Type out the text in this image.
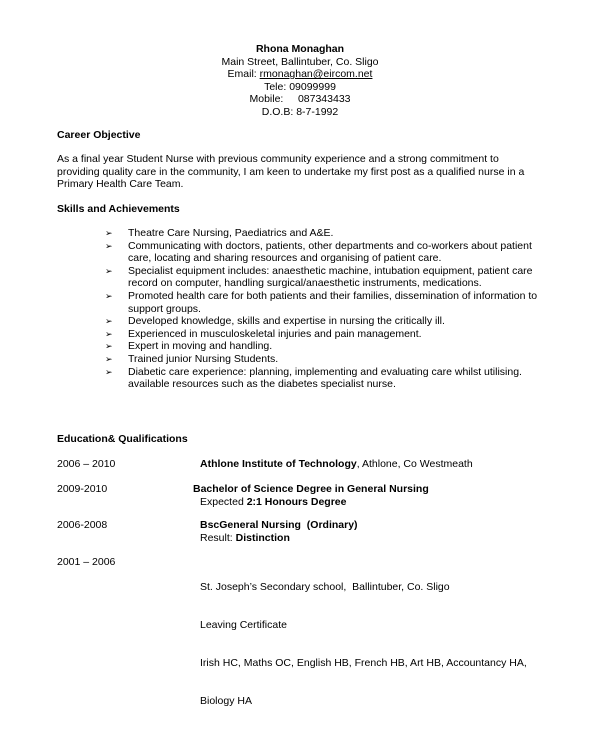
Rhona Monaghan
Main Street, Ballintuber, Co. Sligo
Email: rmonaghan@eircom.net
Tele: 09099999
Mobile:     087343433
D.O.B: 8-7-1992
Career Objective
As a final year Student Nurse with previous community experience and a strong commitment to
providing quality care in the community, I am keen to undertake my first post as a qualified nurse in a
Primary Health Care Team.
Skills and Achievements
➢	Theatre Care Nursing, Paediatrics and A&E.
➢	Communicating with doctors, patients, other departments and co-workers about patient
care, locating and sharing resources and organising of patient care.
➢	Specialist equipment includes: anaesthetic machine, intubation equipment, patient care
record on computer, handling surgical/anaesthetic instruments, medications.
➢	Promoted health care for both patients and their families, dissemination of information to
support groups.
➢	Developed knowledge, skills and expertise in nursing the critically ill.
➢	Experienced in musculoskeletal injuries and pain management.
➢	Expert in moving and handling.
➢	Trained junior Nursing Students.
➢	Diabetic care experience: planning, implementing and evaluating care whilst utilising.
available resources such as the diabetes specialist nurse.
Education& Qualifications
2006 – 2010	Athlone Institute of Technology, Athlone, Co Westmeath
2009-2010	Bachelor of Science Degree in General Nursing
Expected 2:1 Honours Degree
2006-2008	BscGeneral Nursing  (Ordinary)
Result: Distinction
2001 – 2006

St. Joseph’s Secondary school,  Ballintuber, Co. Sligo

Leaving Certificate

Irish HC, Maths OC, English HB, French HB, Art HB, Accountancy HA,

Biology HA
